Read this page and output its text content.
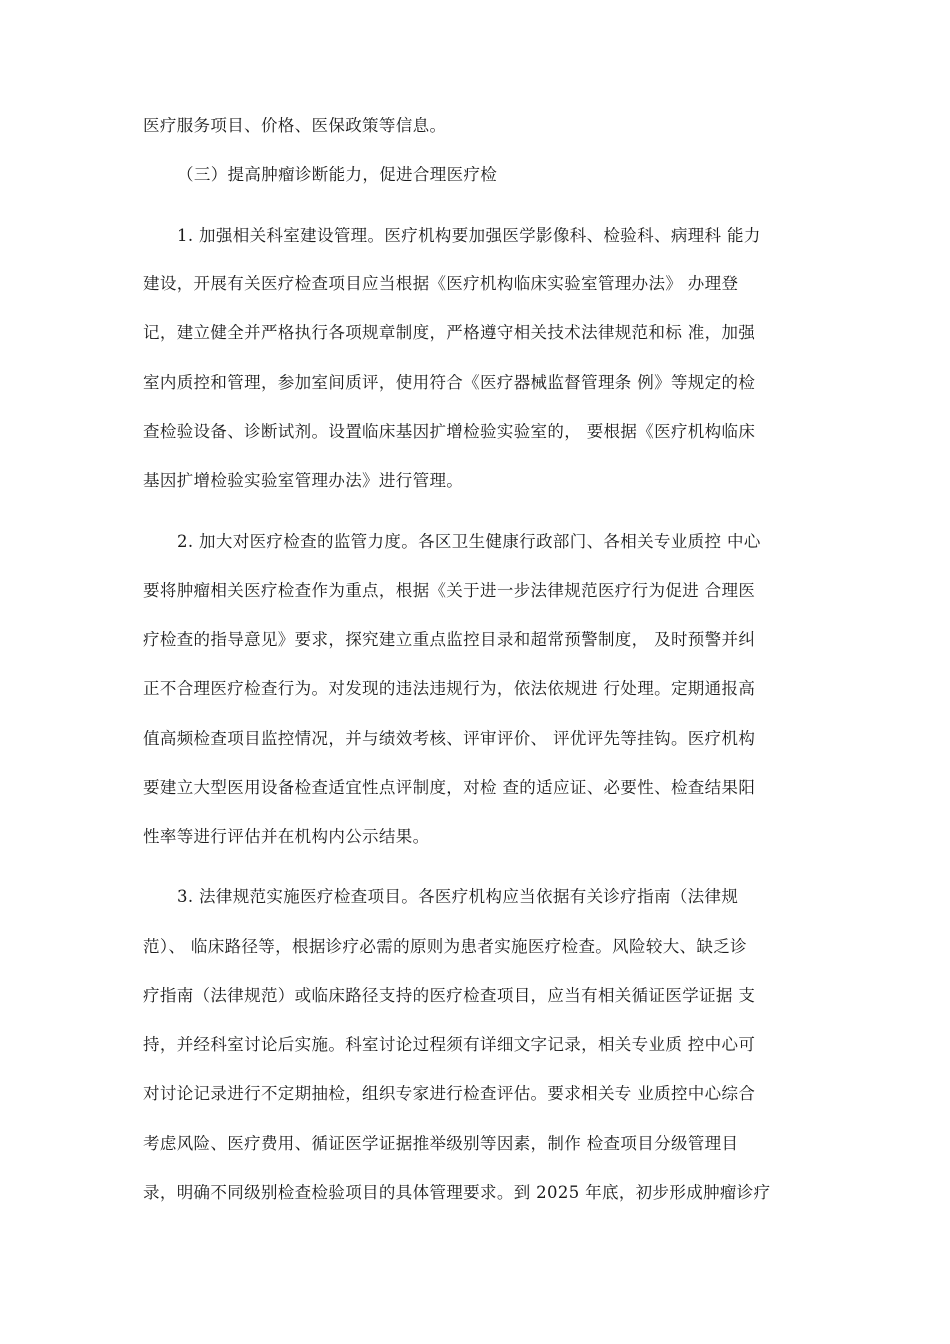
医疗服务项目、价格、医保政策等信息。
（三）提高肿瘤诊断能力，促进合理医疗检
1. 加强相关科室建设管理。医疗机构要加强医学影像科、检验科、病理科 能力
建设，开展有关医疗检查项目应当根据《医疗机构临床实验室管理办法》 办理登
记，建立健全并严格执行各项规章制度，严格遵守相关技术法律规范和标 准，加强
室内质控和管理，参加室间质评，使用符合《医疗器械监督管理条 例》等规定的检
查检验设备、诊断试剂。设置临床基因扩增检验实验室的， 要根据《医疗机构临床
基因扩增检验实验室管理办法》进行管理。
2. 加大对医疗检查的监管力度。各区卫生健康行政部门、各相关专业质控 中心
要将肿瘤相关医疗检查作为重点，根据《关于进一步法律规范医疗行为促进 合理医
疗检查的指导意见》要求，探究建立重点监控目录和超常预警制度， 及时预警并纠
正不合理医疗检查行为。对发现的违法违规行为，依法依规进 行处理。定期通报高
值高频检查项目监控情况，并与绩效考核、评审评价、 评优评先等挂钩。医疗机构
要建立大型医用设备检查适宜性点评制度，对检 查的适应证、必要性、检查结果阳
性率等进行评估并在机构内公示结果。
3. 法律规范实施医疗检查项目。各医疗机构应当依据有关诊疗指南（法律规
范）、 临床路径等，根据诊疗必需的原则为患者实施医疗检查。风险较大、缺乏诊
疗指南（法律规范）或临床路径支持的医疗检查项目，应当有相关循证医学证据 支
持，并经科室讨论后实施。科室讨论过程须有详细文字记录，相关专业质 控中心可
对讨论记录进行不定期抽检，组织专家进行检查评估。要求相关专 业质控中心综合
考虑风险、医疗费用、循证医学证据推举级别等因素，制作 检查项目分级管理目
录，明确不同级别检查检验项目的具体管理要求。到 2025 年底，初步形成肿瘤诊疗
